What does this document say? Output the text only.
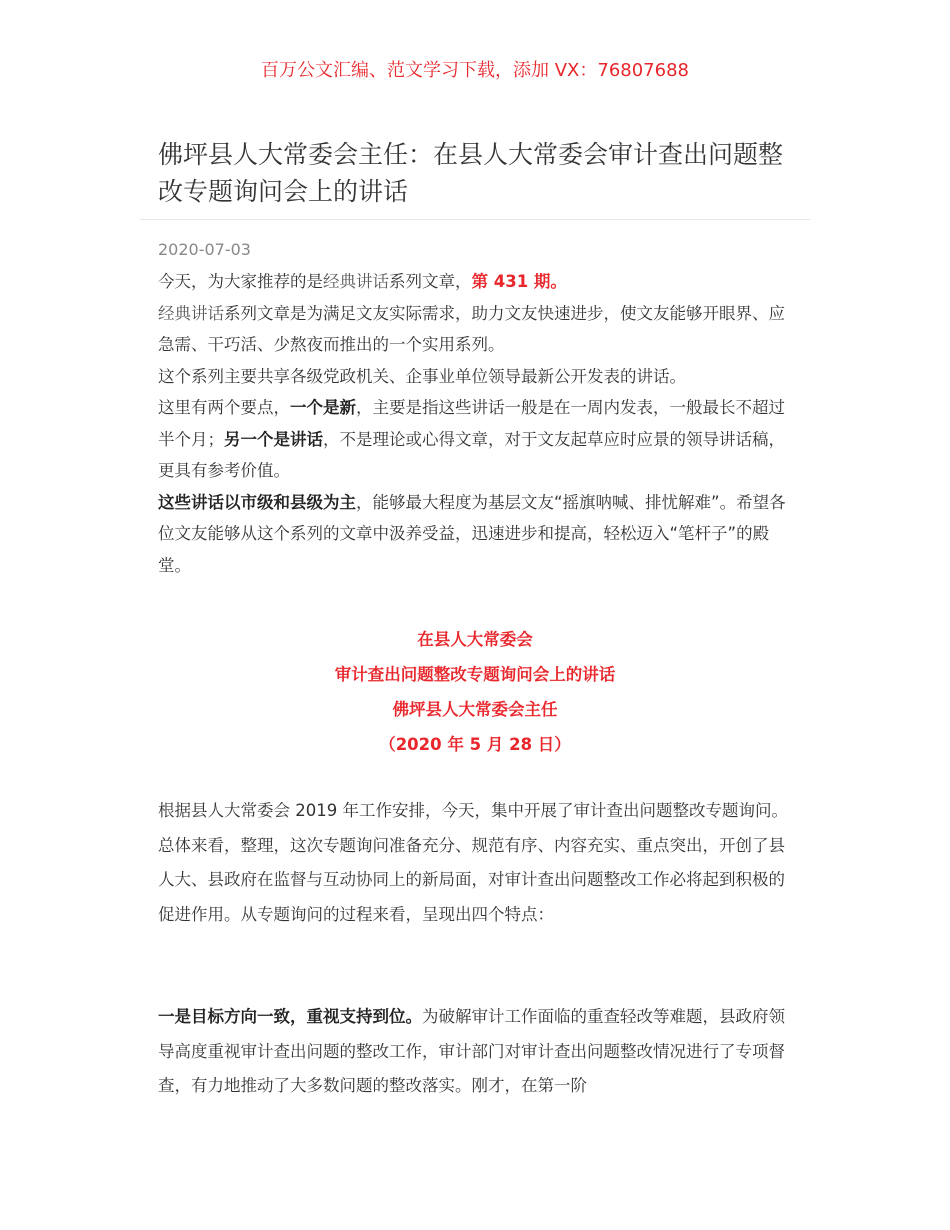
百万公文汇编、范文学习下载，添加 VX：76807688
佛坪县人大常委会主任：在县人大常委会审计查出问题整改专题询问会上的讲话
2020-07-03

今天，为大家推荐的是经典讲话系列文章，第 431 期。

经典讲话系列文章是为满足文友实际需求，助力文友快速进步，使文友能够开眼界、应急需、干巧活、少熬夜而推出的一个实用系列。

这个系列主要共享各级党政机关、企事业单位领导最新公开发表的讲话。

这里有两个要点，一个是新，主要是指这些讲话一般是在一周内发表，一般最长不超过半个月；另一个是讲话，不是理论或心得文章，对于文友起草应时应景的领导讲话稿，更具有参考价值。

这些讲话以市级和县级为主，能够最大程度为基层文友“摇旗呐喊、排忧解难”。希望各位文友能够从这个系列的文章中汲养受益，迅速进步和提高，轻松迈入“笔杆子”的殿堂。

在县人大常委会
审计查出问题整改专题询问会上的讲话
佛坪县人大常委会主任
（2020 年 5 月 28 日）

根据县人大常委会 2019 年工作安排，今天，集中开展了审计查出问题整改专题询问。总体来看，整理，这次专题询问准备充分、规范有序、内容充实、重点突出，开创了县人大、县政府在监督与互动协同上的新局面，对审计查出问题整改工作必将起到积极的促进作用。从专题询问的过程来看，呈现出四个特点：

一是目标方向一致，重视支持到位。为破解审计工作面临的重查轻改等难题，县政府领导高度重视审计查出问题的整改工作，审计部门对审计查出问题整改情况进行了专项督查，有力地推动了大多数问题的整改落实。刚才，在第一阶
